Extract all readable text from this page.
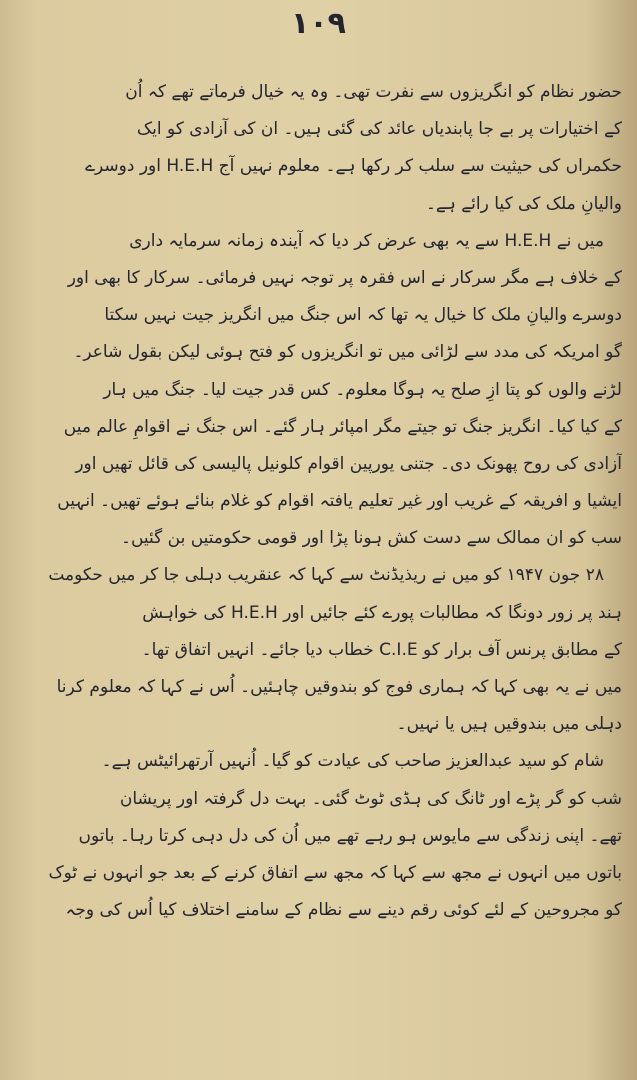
١٠٩
حضور نظام کو انگریزوں سے نفرت تھی۔ وہ یہ خیال فرماتے تھے کہ اُن
کے اختیارات پر بے جا پابندیاں عائد کی گئی ہیں۔ ان کی آزادی کو ایک
حکمراں کی حیثیت سے سلب کر رکھا ہے۔ معلوم نہیں آج H.E.H اور دوسرے
والیانِ ملک کی کیا رائے ہے۔
میں نے H.E.H سے یہ بھی عرض کر دیا کہ آیندہ زمانہ سرمایہ داری
کے خلاف ہے مگر سرکار نے اس فقرہ پر توجہ نہیں فرمائی۔ سرکار کا بھی اور
دوسرے والیانِ ملک کا خیال یہ تھا کہ اس جنگ میں انگریز جیت نہیں سکتا
گو امریکہ کی مدد سے لڑائی میں تو انگریزوں کو فتح ہوئی لیکن بقول شاعر۔
لڑنے والوں کو پتا ازِ صلح یہ ہوگا معلوم۔ کس قدر جیت لیا۔ جنگ میں ہار
کے کیا کیا۔ انگریز جنگ تو جیتے مگر امپائر ہار گئے۔ اس جنگ نے اقوامِ عالم میں
آزادی کی روح پھونک دی۔ جتنی یورپین اقوام کلونیل پالیسی کی قائل تھیں اور
ایشیا و افریقہ کے غریب اور غیر تعلیم یافتہ اقوام کو غلام بنائے ہوئے تھیں۔ انہیں
سب کو ان ممالک سے دست کش ہونا پڑا اور قومی حکومتیں بن گئیں۔
۲۸ جون ۱۹۴۷ کو میں نے ریذیڈنٹ سے کہا کہ عنقریب دہلی جا کر میں حکومت
ہند پر زور دونگا کہ مطالبات پورے کئے جائیں اور H.E.H کی خواہش
کے مطابق پرنس آف برار کو C.I.E خطاب دیا جائے۔ انہیں اتفاق تھا۔
میں نے یہ بھی کہا کہ ہماری فوج کو بندوقیں چاہئیں۔ اُس نے کہا کہ معلوم کرنا
دہلی میں بندوقیں ہیں یا نہیں۔
شام کو سید عبدالعزیز صاحب کی عیادت کو گیا۔ اُنہیں آرتھرائیٹس ہے۔
شب کو گر پڑے اور ٹانگ کی ہڈی ٹوٹ گئی۔ بہت دل گرفتہ اور پریشان
تھے۔ اپنی زندگی سے مایوس ہو رہے تھے میں اُن کی دل دہی کرتا رہا۔ باتوں
باتوں میں انہوں نے مجھ سے کہا کہ مجھ سے اتفاق کرنے کے بعد جو انہوں نے ٹوک
کو مجروحین کے لئے کوئی رقم دینے سے نظام کے سامنے اختلاف کیا اُس کی وجہ
